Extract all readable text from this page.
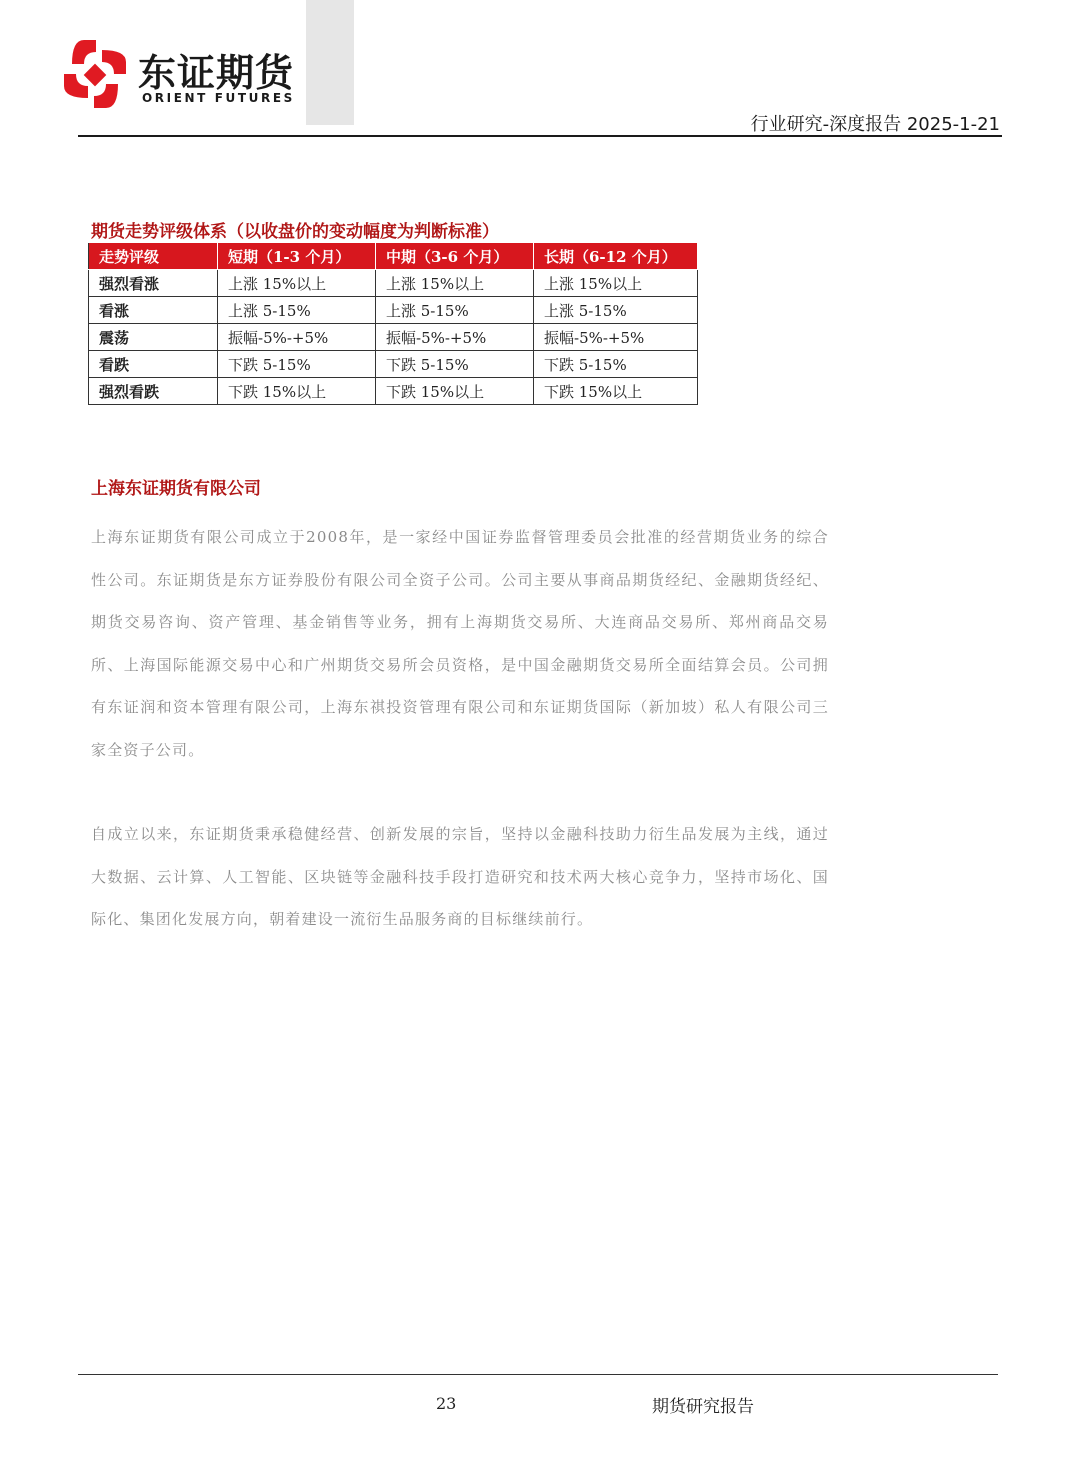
东证期货
ORIENT FUTURES
行业研究-深度报告 2025-1-21
期货走势评级体系（以收盘价的变动幅度为判断标准）
走势评级	短期（1-3 个月）	中期（3-6 个月）	长期（6-12 个月）
强烈看涨	上涨 15%以上	上涨 15%以上	上涨 15%以上
看涨	上涨 5-15%	上涨 5-15%	上涨 5-15%
震荡	振幅-5%-+5%	振幅-5%-+5%	振幅-5%-+5%
看跌	下跌 5-15%	下跌 5-15%	下跌 5-15%
强烈看跌	下跌 15%以上	下跌 15%以上	下跌 15%以上
上海东证期货有限公司

上海东证期货有限公司成立于2008年，是一家经中国证券监督管理委员会批准的经营期货业务的综合性公司。东证期货是东方证券股份有限公司全资子公司。公司主要从事商品期货经纪、金融期货经纪、期货交易咨询、资产管理、基金销售等业务，拥有上海期货交易所、大连商品交易所、郑州商品交易所、上海国际能源交易中心和广州期货交易所会员资格，是中国金融期货交易所全面结算会员。公司拥有东证润和资本管理有限公司，上海东祺投资管理有限公司和东证期货国际（新加坡）私人有限公司三家全资子公司。

自成立以来，东证期货秉承稳健经营、创新发展的宗旨，坚持以金融科技助力衍生品发展为主线，通过大数据、云计算、人工智能、区块链等金融科技手段打造研究和技术两大核心竞争力，坚持市场化、国际化、集团化发展方向，朝着建设一流衍生品服务商的目标继续前行。

23	期货研究报告
